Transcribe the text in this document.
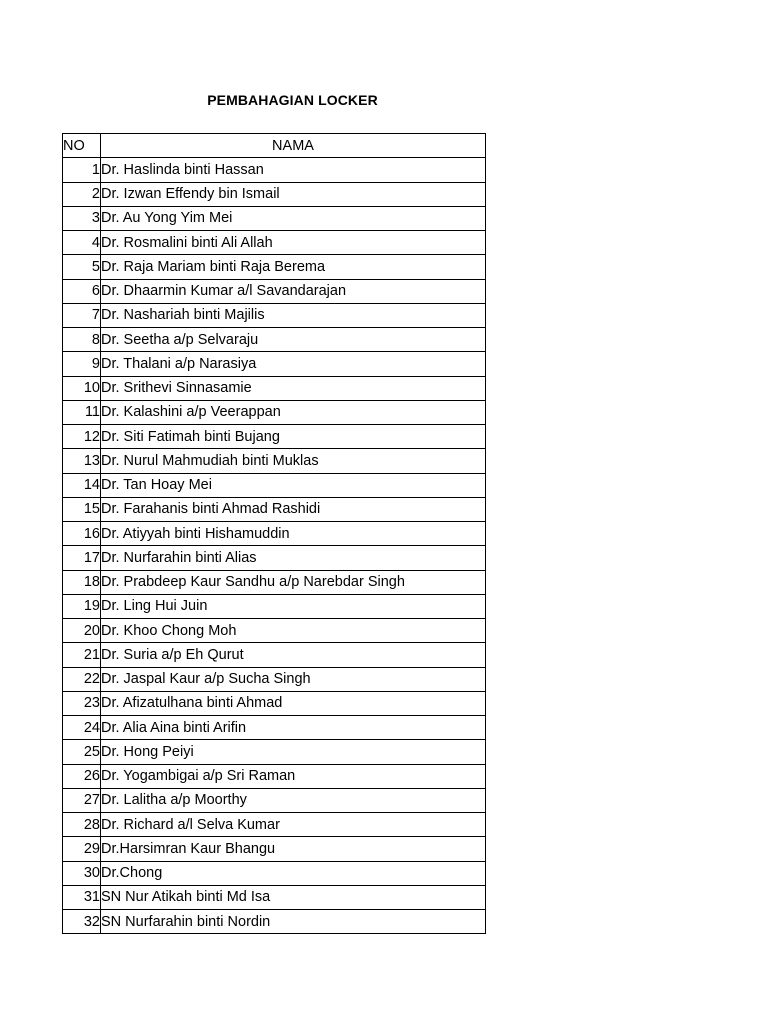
PEMBAHAGIAN LOCKER
NO	NAMA
1	Dr. Haslinda binti Hassan
2	Dr. Izwan Effendy bin Ismail
3	Dr. Au Yong Yim Mei
4	Dr. Rosmalini binti Ali Allah
5	Dr. Raja Mariam binti Raja Berema
6	Dr. Dhaarmin Kumar a/l Savandarajan
7	Dr. Nashariah binti Majilis
8	Dr. Seetha a/p Selvaraju
9	Dr. Thalani a/p Narasiya
10	Dr. Srithevi Sinnasamie
11	Dr. Kalashini a/p Veerappan
12	Dr. Siti Fatimah binti Bujang
13	Dr. Nurul Mahmudiah binti Muklas
14	Dr. Tan Hoay Mei
15	Dr. Farahanis binti Ahmad Rashidi
16	Dr. Atiyyah binti Hishamuddin
17	Dr. Nurfarahin binti Alias
18	Dr. Prabdeep Kaur Sandhu a/p Narebdar Singh
19	Dr. Ling Hui Juin
20	Dr. Khoo Chong Moh
21	Dr. Suria a/p Eh Qurut
22	Dr. Jaspal Kaur a/p Sucha Singh
23	Dr. Afizatulhana binti Ahmad
24	Dr. Alia Aina binti Arifin
25	Dr. Hong Peiyi
26	Dr. Yogambigai a/p Sri Raman
27	Dr. Lalitha a/p Moorthy
28	Dr. Richard a/l Selva Kumar
29	Dr.Harsimran Kaur Bhangu
30	Dr.Chong
31	SN Nur Atikah binti Md Isa
32	SN Nurfarahin binti Nordin
